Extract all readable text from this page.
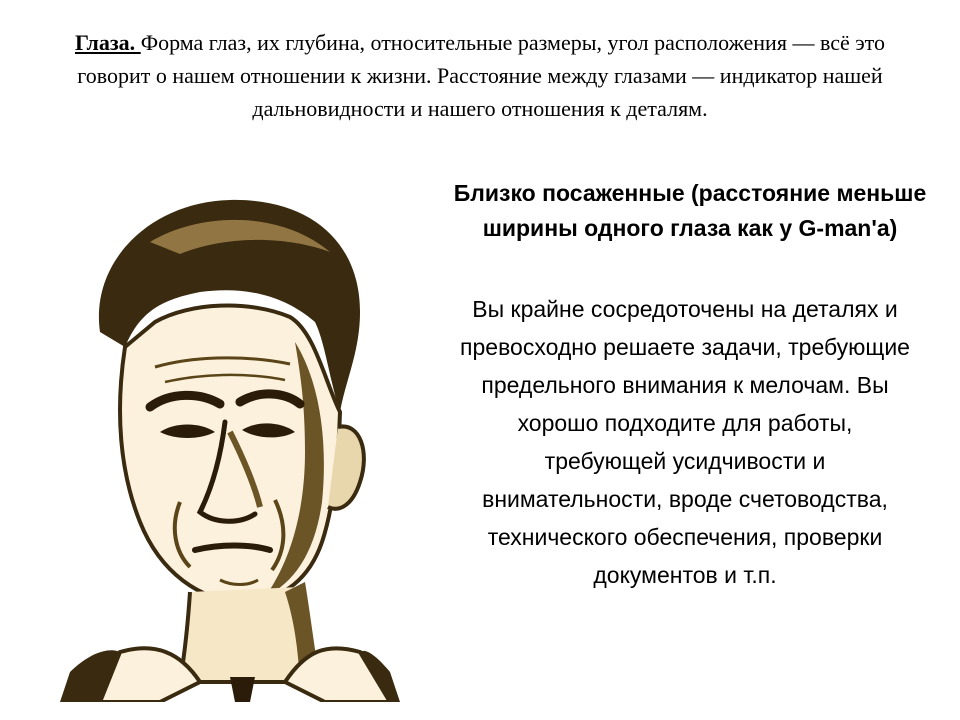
Глаза. Форма глаз, их глубина, относительные размеры, угол расположения — всё это говорит о нашем отношении к жизни. Расстояние между глазами — индикатор нашей дальновидности и нашего отношения к деталям.
Близко посаженные (расстояние меньше ширины одного глаза как у G-man'а)
Вы крайне сосредоточены на деталях и превосходно решаете задачи, требующие предельного внимания к мелочам. Вы хорошо подходите для работы, требующей усидчивости и внимательности, вроде счетоводства, технического обеспечения, проверки документов и т.п.
